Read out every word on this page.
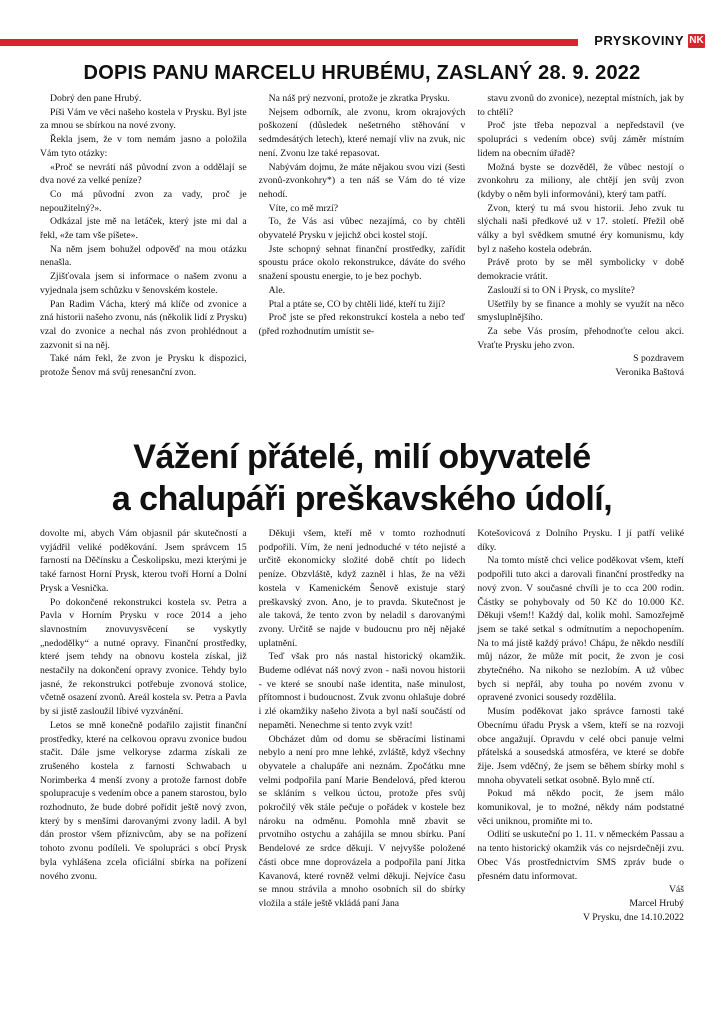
PRYSKOVINY NK
DOPIS PANU MARCELU HRUBÉMU, ZASLANÝ 28. 9. 2022

Dobrý den pane Hrubý.

Píši Vám ve věci našeho kostela v Prysku. Byl jste za mnou se sbírkou na nové zvony.

Řekla jsem, že v tom nemám jasno a položila Vám tyto otázky:

«Proč se nevrátí náš původní zvon a oddělají se dva nové za velké peníze?

Co má původní zvon za vady, proč je nepoužitelný?».

Odkázal jste mě na letáček, který jste mi dal a řekl, «že tam vše píšete».

Na něm jsem bohužel odpověď na mou otázku nenašla.

Zjišťovala jsem si informace o našem zvonu a vyjednala jsem schůzku v šenovském kostele.

Pan Radim Vácha, který má klíče od zvonice a zná historii našeho zvonu, nás (několik lidí z Prysku) vzal do zvonice a nechal nás zvon prohlédnout a zazvonit si na něj.

Také nám řekl, že zvon je Prysku k dispozici, protože Šenov má svůj renesanční zvon.

Na náš prý nezvoní, protože je zkratka Prysku.

Nejsem odborník, ale zvonu, krom okrajových poškození (důsledek nešetrného stěhování v sedmdesátých letech), které nemají vliv na zvuk, nic není. Zvonu lze také repasovat.

Nabývám dojmu, že máte nějakou svou vizi (šesti zvonů-zvonkohry*) a ten náš se Vám do té vize nehodí.

Víte, co mě mrzí?

To, že Vás asi vůbec nezajímá, co by chtěli obyvatelé Prysku v jejichž obci kostel stojí.

Jste schopný sehnat finanční prostředky, zařídit spoustu práce okolo rekonstrukce, dáváte do svého snažení spoustu energie, to je bez pochyb.

Ale.

Ptal a ptáte se, CO by chtěli lidé, kteří tu žijí?

Proč jste se před rekonstrukcí kostela a nebo teď (před rozhodnutím umístit se-

stavu zvonů do zvonice), nezeptal místních, jak by to chtěli?

Proč jste třeba nepozval a nepředstavil (ve spolupráci s vedením obce) svůj záměr místním lidem na obecním úřadě?

Možná byste se dozvěděl, že vůbec nestojí o zvonkohru za miliony, ale chtějí jen svůj zvon (kdyby o něm byli informováni), který tam patří.

Zvon, který tu má svou historii. Jeho zvuk tu slýchali naši předkové už v 17. století. Přežil obě války a byl svědkem smutné éry komunismu, kdy byl z našeho kostela odebrán.

Právě proto by se měl symbolicky v době demokracie vrátit.

Zaslouží si to ON i Prysk, co myslíte?

Ušetřily by se finance a mohly se využít na něco smysluplnějšího.

Za sebe Vás prosím, přehodnoťte celou akci. Vraťte Prysku jeho zvon.

S pozdravem

Veronika Baštová

Vážení přátelé, milí obyvatelé
a chalupáři preškavského údolí,

dovolte mi, abych Vám objasnil pár skutečností a vyjádřil veliké poděkování. Jsem správcem 15 farností na Děčínsku a Českolipsku, mezi kterými je také farnost Horní Prysk, kterou tvoří Horní a Dolní Prysk a Vesnička.

Po dokončené rekonstrukci kostela sv. Petra a Pavla v Horním Prysku v roce 2014 a jeho slavnostním znovuvysvěcení se vyskytly „nedodělky“ a nutné opravy. Finanční prostředky, které jsem tehdy na obnovu kostela získal, již nestačily na dokončení opravy zvonice. Tehdy bylo jasné, že rekonstrukci potřebuje zvonová stolice, včetně osazení zvonů. Areál kostela sv. Petra a Pavla by si jistě zasloužil líbivé vyzvánění.

Letos se mně konečně podařilo zajistit finanční prostředky, které na celkovou opravu zvonice budou stačit. Dále jsme velkoryse zdarma získali ze zrušeného kostela z farnosti Schwabach u Norimberka 4 menší zvony a protože farnost dobře spolupracuje s vedením obce a panem starostou, bylo rozhodnuto, že bude dobré pořídit ještě nový zvon, který by s menšími darovanými zvony ladil. A byl dán prostor všem příznivcům, aby se na pořízení tohoto zvonu podíleli. Ve spolupráci s obcí Prysk byla vyhlášena zcela oficiální sbírka na pořízení nového zvonu.

Děkuji všem, kteří mě v tomto rozhodnutí podpořili. Vím, že není jednoduché v této nejisté a určitě ekonomicky složité době chtít po lidech peníze. Obzvláště, když zazněl i hlas, že na věži kostela v Kamenickém Šenově existuje starý preškavský zvon. Ano, je to pravda. Skutečnost je ale taková, že tento zvon by neladil s darovanými zvony. Určitě se najde v budoucnu pro něj nějaké uplatnění.

Teď však pro nás nastal historický okamžik. Budeme odlévat náš nový zvon - naši novou historii - ve které se snoubí naše identita, naše minulost, přítomnost i budoucnost. Zvuk zvonu ohlašuje dobré i zlé okamžiky našeho života a byl naší součástí od nepaměti. Nenechme si tento zvyk vzít!

Obcházet dům od domu se sběracími listinami nebylo a není pro mne lehké, zvláště, když všechny obyvatele a chalupáře ani neznám. Zpočátku mne velmi podpořila paní Marie Bendelová, před kterou se skláním s velkou úctou, protože přes svůj pokročilý věk stále pečuje o pořádek v kostele bez nároku na odměnu. Pomohla mně zbavit se prvotního ostychu a zahájila se mnou sbírku. Paní Bendelové ze srdce děkuji. V nejvyšše položené části obce mne doprovázela a podpořila paní Jitka Kavanová, které rovněž velmi děkuji. Nejvíce času se mnou strávila a mnoho osobních sil do sbírky vložila a stále ještě vkládá paní Jana

Kotešovicová z Dolního Prysku. I jí patří veliké díky.

Na tomto místě chci velice poděkovat všem, kteří podpořili tuto akci a darovali finanční prostředky na nový zvon. V současné chvíli je to cca 200 rodin. Částky se pohybovaly od 50 Kč do 10.000 Kč. Děkuji všem!! Každý dal, kolik mohl. Samozřejmě jsem se také setkal s odmítnutím a nepochopením. Na to má jistě každý právo! Chápu, že někdo nesdílí můj názor, že může mít pocit, že zvon je cosi zbytečného. Na nikoho se nezlobím. A už vůbec bych si nepřál, aby touha po novém zvonu v opravené zvonici sousedy rozdělila.

Musím poděkovat jako správce farnosti také Obecnímu úřadu Prysk a všem, kteří se na rozvoji obce angažují. Opravdu v celé obci panuje velmi přátelská a sousedská atmosféra, ve které se dobře žije. Jsem vděčný, že jsem se během sbírky mohl s mnoha obyvateli setkat osobně. Bylo mně ctí.

Pokud má někdo pocit, že jsem málo komunikoval, je to možné, někdy nám podstatné věci uniknou, promiňte mi to.

Odlití se uskuteční po 1. 11. v německém Passau a na tento historický okamžik vás co nejsrdečněji zvu. Obec Vás prostřednictvím SMS zpráv bude o přesném datu informovat.

Váš

Marcel Hrubý

V Prysku, dne 14.10.2022
